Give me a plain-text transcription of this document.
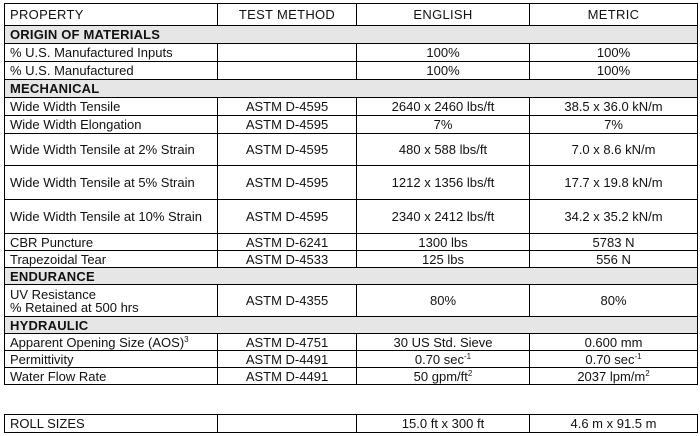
PROPERTY	TEST METHOD	ENGLISH	METRIC
ORIGIN OF MATERIALS			
% U.S. Manufactured Inputs		100%	100%
% U.S. Manufactured		100%	100%
MECHANICAL			
Wide Width Tensile	ASTM D-4595	2640 x 2460 lbs/ft	38.5 x 36.0 kN/m
Wide Width Elongation	ASTM D-4595	7%	7%
Wide Width Tensile at 2% Strain	ASTM D-4595	480 x 588 lbs/ft	7.0 x 8.6 kN/m
Wide Width Tensile at 5% Strain	ASTM D-4595	1212 x 1356 lbs/ft	17.7 x 19.8 kN/m
Wide Width Tensile at 10% Strain	ASTM D-4595	2340 x 2412 lbs/ft	34.2 x 35.2 kN/m
CBR Puncture	ASTM D-6241	1300 lbs	5783 N
Trapezoidal Tear	ASTM D-4533	125 lbs	556 N
ENDURANCE			
UV Resistance
% Retained at 500 hrs	ASTM D-4355	80%	80%
HYDRAULIC			
Apparent Opening Size (AOS)$^3$	ASTM D-4751	30 US Std. Sieve	0.600 mm
Permittivity	ASTM D-4491	0.70 $\sec^{-1}$	0.70 $\sec^{-1}$
Water Flow Rate	ASTM D-4491	50 gpm/$ft^2$	2037 lpm/$m^2$
ROLL SIZES		15.0 ft x 300 ft	4.6 m x 91.5 m
